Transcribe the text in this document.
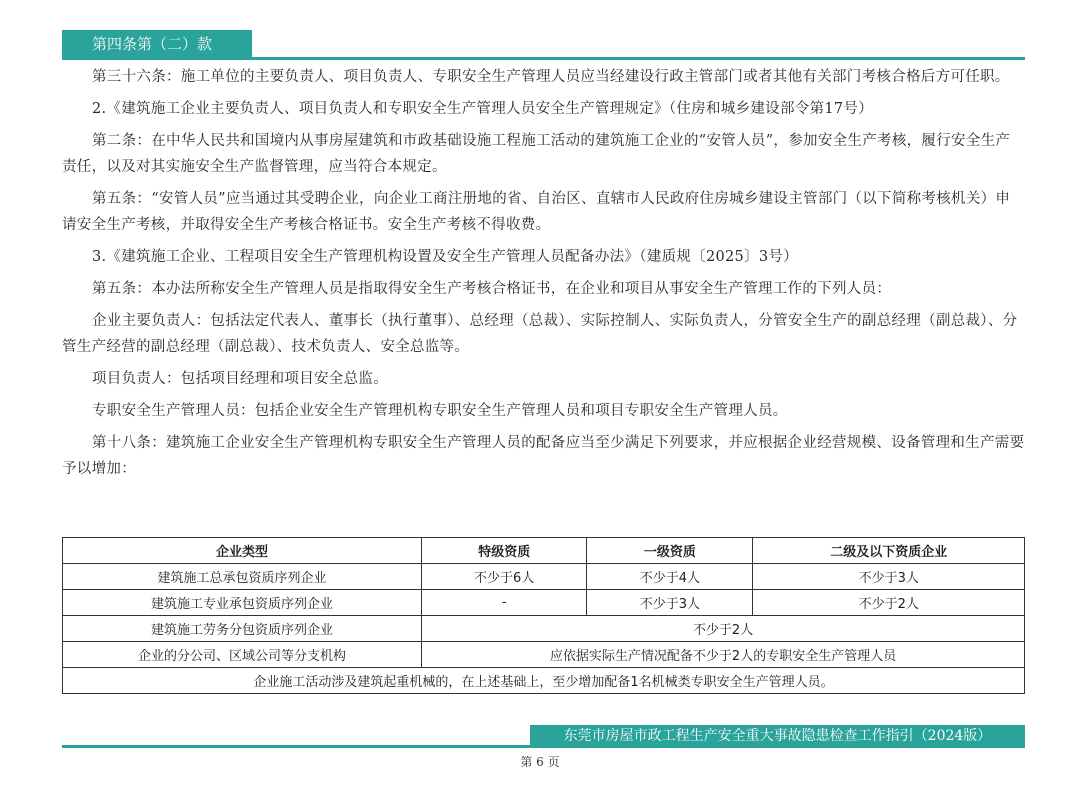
第四条第（二）款

第三十六条：施工单位的主要负责人、项目负责人、专职安全生产管理人员应当经建设行政主管部门或者其他有关部门考核合格后方可任职。

2.《建筑施工企业主要负责人、项目负责人和专职安全生产管理人员安全生产管理规定》（住房和城乡建设部令第17号）

第二条：在中华人民共和国境内从事房屋建筑和市政基础设施工程施工活动的建筑施工企业的“安管人员”，参加安全生产考核，履行安全生产责任，以及对其实施安全生产监督管理，应当符合本规定。

第五条：“安管人员”应当通过其受聘企业，向企业工商注册地的省、自治区、直辖市人民政府住房城乡建设主管部门（以下简称考核机关）申请安全生产考核，并取得安全生产考核合格证书。安全生产考核不得收费。

3.《建筑施工企业、工程项目安全生产管理机构设置及安全生产管理人员配备办法》（建质规〔2025〕3号）

第五条：本办法所称安全生产管理人员是指取得安全生产考核合格证书，在企业和项目从事安全生产管理工作的下列人员：

企业主要负责人：包括法定代表人、董事长（执行董事）、总经理（总裁）、实际控制人、实际负责人，分管安全生产的副总经理（副总裁）、分管生产经营的副总经理（副总裁）、技术负责人、安全总监等。

项目负责人：包括项目经理和项目安全总监。

专职安全生产管理人员：包括企业安全生产管理机构专职安全生产管理人员和项目专职安全生产管理人员。

第十八条：建筑施工企业安全生产管理机构专职安全生产管理人员的配备应当至少满足下列要求，并应根据企业经营规模、设备管理和生产需要予以增加：

企业类型	特级资质	一级资质	二级及以下资质企业
建筑施工总承包资质序列企业	不少于6人	不少于4人	不少于3人
建筑施工专业承包资质序列企业	-	不少于3人	不少于2人
建筑施工劳务分包资质序列企业	不少于2人		
企业的分公司、区域公司等分支机构	应依据实际生产情况配备不少于2人的专职安全生产管理人员		
企业施工活动涉及建筑起重机械的，在上述基础上，至少增加配备1名机械类专职安全生产管理人员。			
东莞市房屋市政工程生产安全重大事故隐患检查工作指引（2024版）
第 6 页
